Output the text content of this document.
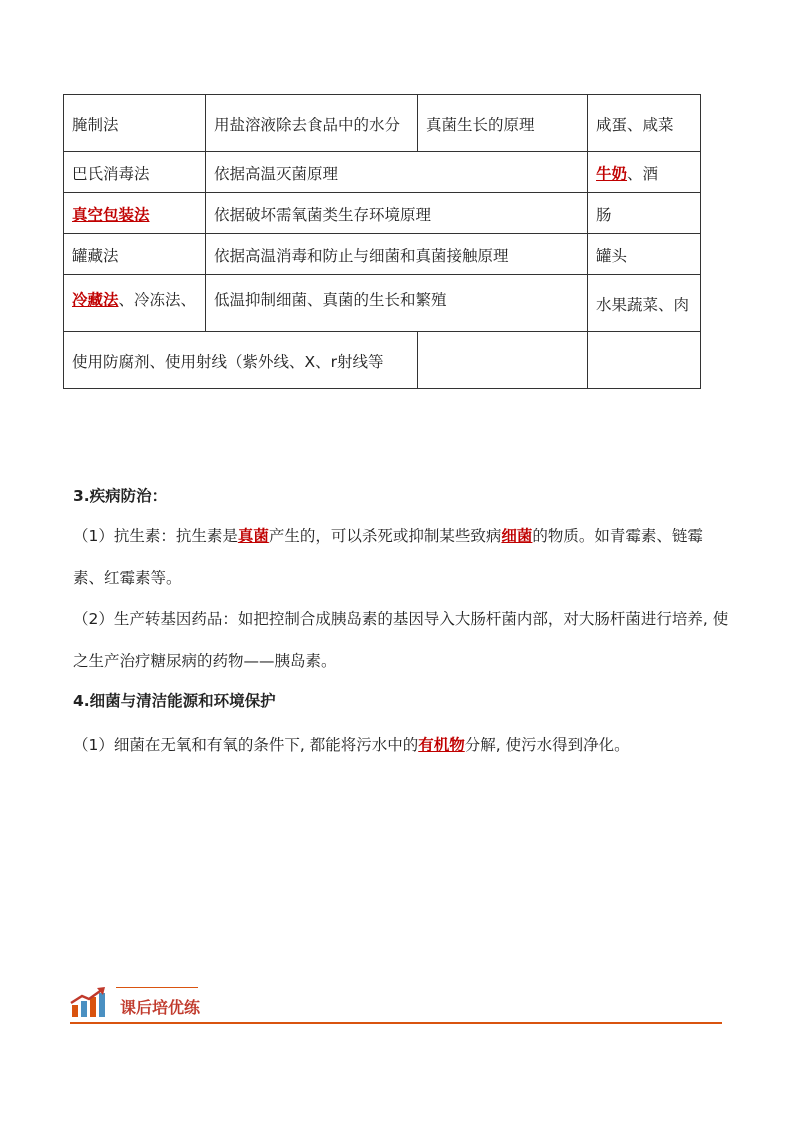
腌制法	用盐溶液除去食品中的水分	真菌生长的原理	咸蛋、咸菜
巴氏消毒法	依据高温灭菌原理		牛奶、酒
真空包装法	依据破坏需氧菌类生存环境原理		肠
罐藏法	依据高温消毒和防止与细菌和真菌接触原理		罐头
冷藏法、冷冻法、	低温抑制细菌、真菌的生长和繁殖		水果蔬菜、肉
使用防腐剂、使用射线（紫外线、X、r射线等			
3.疾病防治：
（1）抗生素：抗生素是真菌产生的，可以杀死或抑制某些致病细菌的物质。如青霉素、链霉素、红霉素等。
（2）生产转基因药品：如把控制合成胰岛素的基因导入大肠杆菌内部，对大肠杆菌进行培养, 使之生产治疗糖尿病的药物——胰岛素。
4.细菌与清洁能源和环境保护
（1）细菌在无氧和有氧的条件下, 都能将污水中的有机物分解, 使污水得到净化。
课后培优练
